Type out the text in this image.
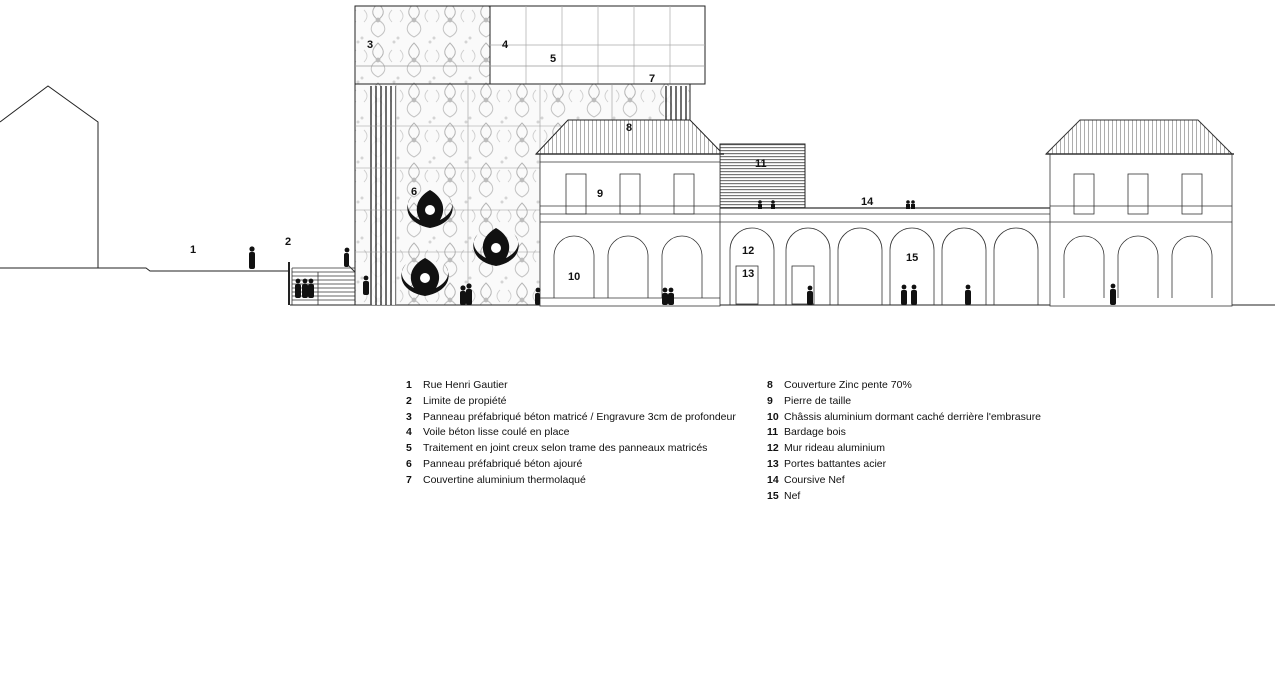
1
2
3	4
5
6
7
8
9
10
11
12
13
14
15
1	Rue Henri Gautier
2	Limite de propiété
3	Panneau préfabriqué béton matricé / Engravure 3cm de profondeur
4	Voile béton lisse coulé en place
5	Traitement en joint creux selon trame des panneaux matricés
6	Panneau préfabriqué béton ajouré
7	Couvertine aluminium thermolaqué
8	Couverture Zinc pente 70%
9	Pierre de taille
10 Châssis aluminium dormant caché derrière l'embrasure
11 Bardage bois
12 Mur rideau aluminium
13 Portes battantes acier
14 Coursive Nef
15 Nef
